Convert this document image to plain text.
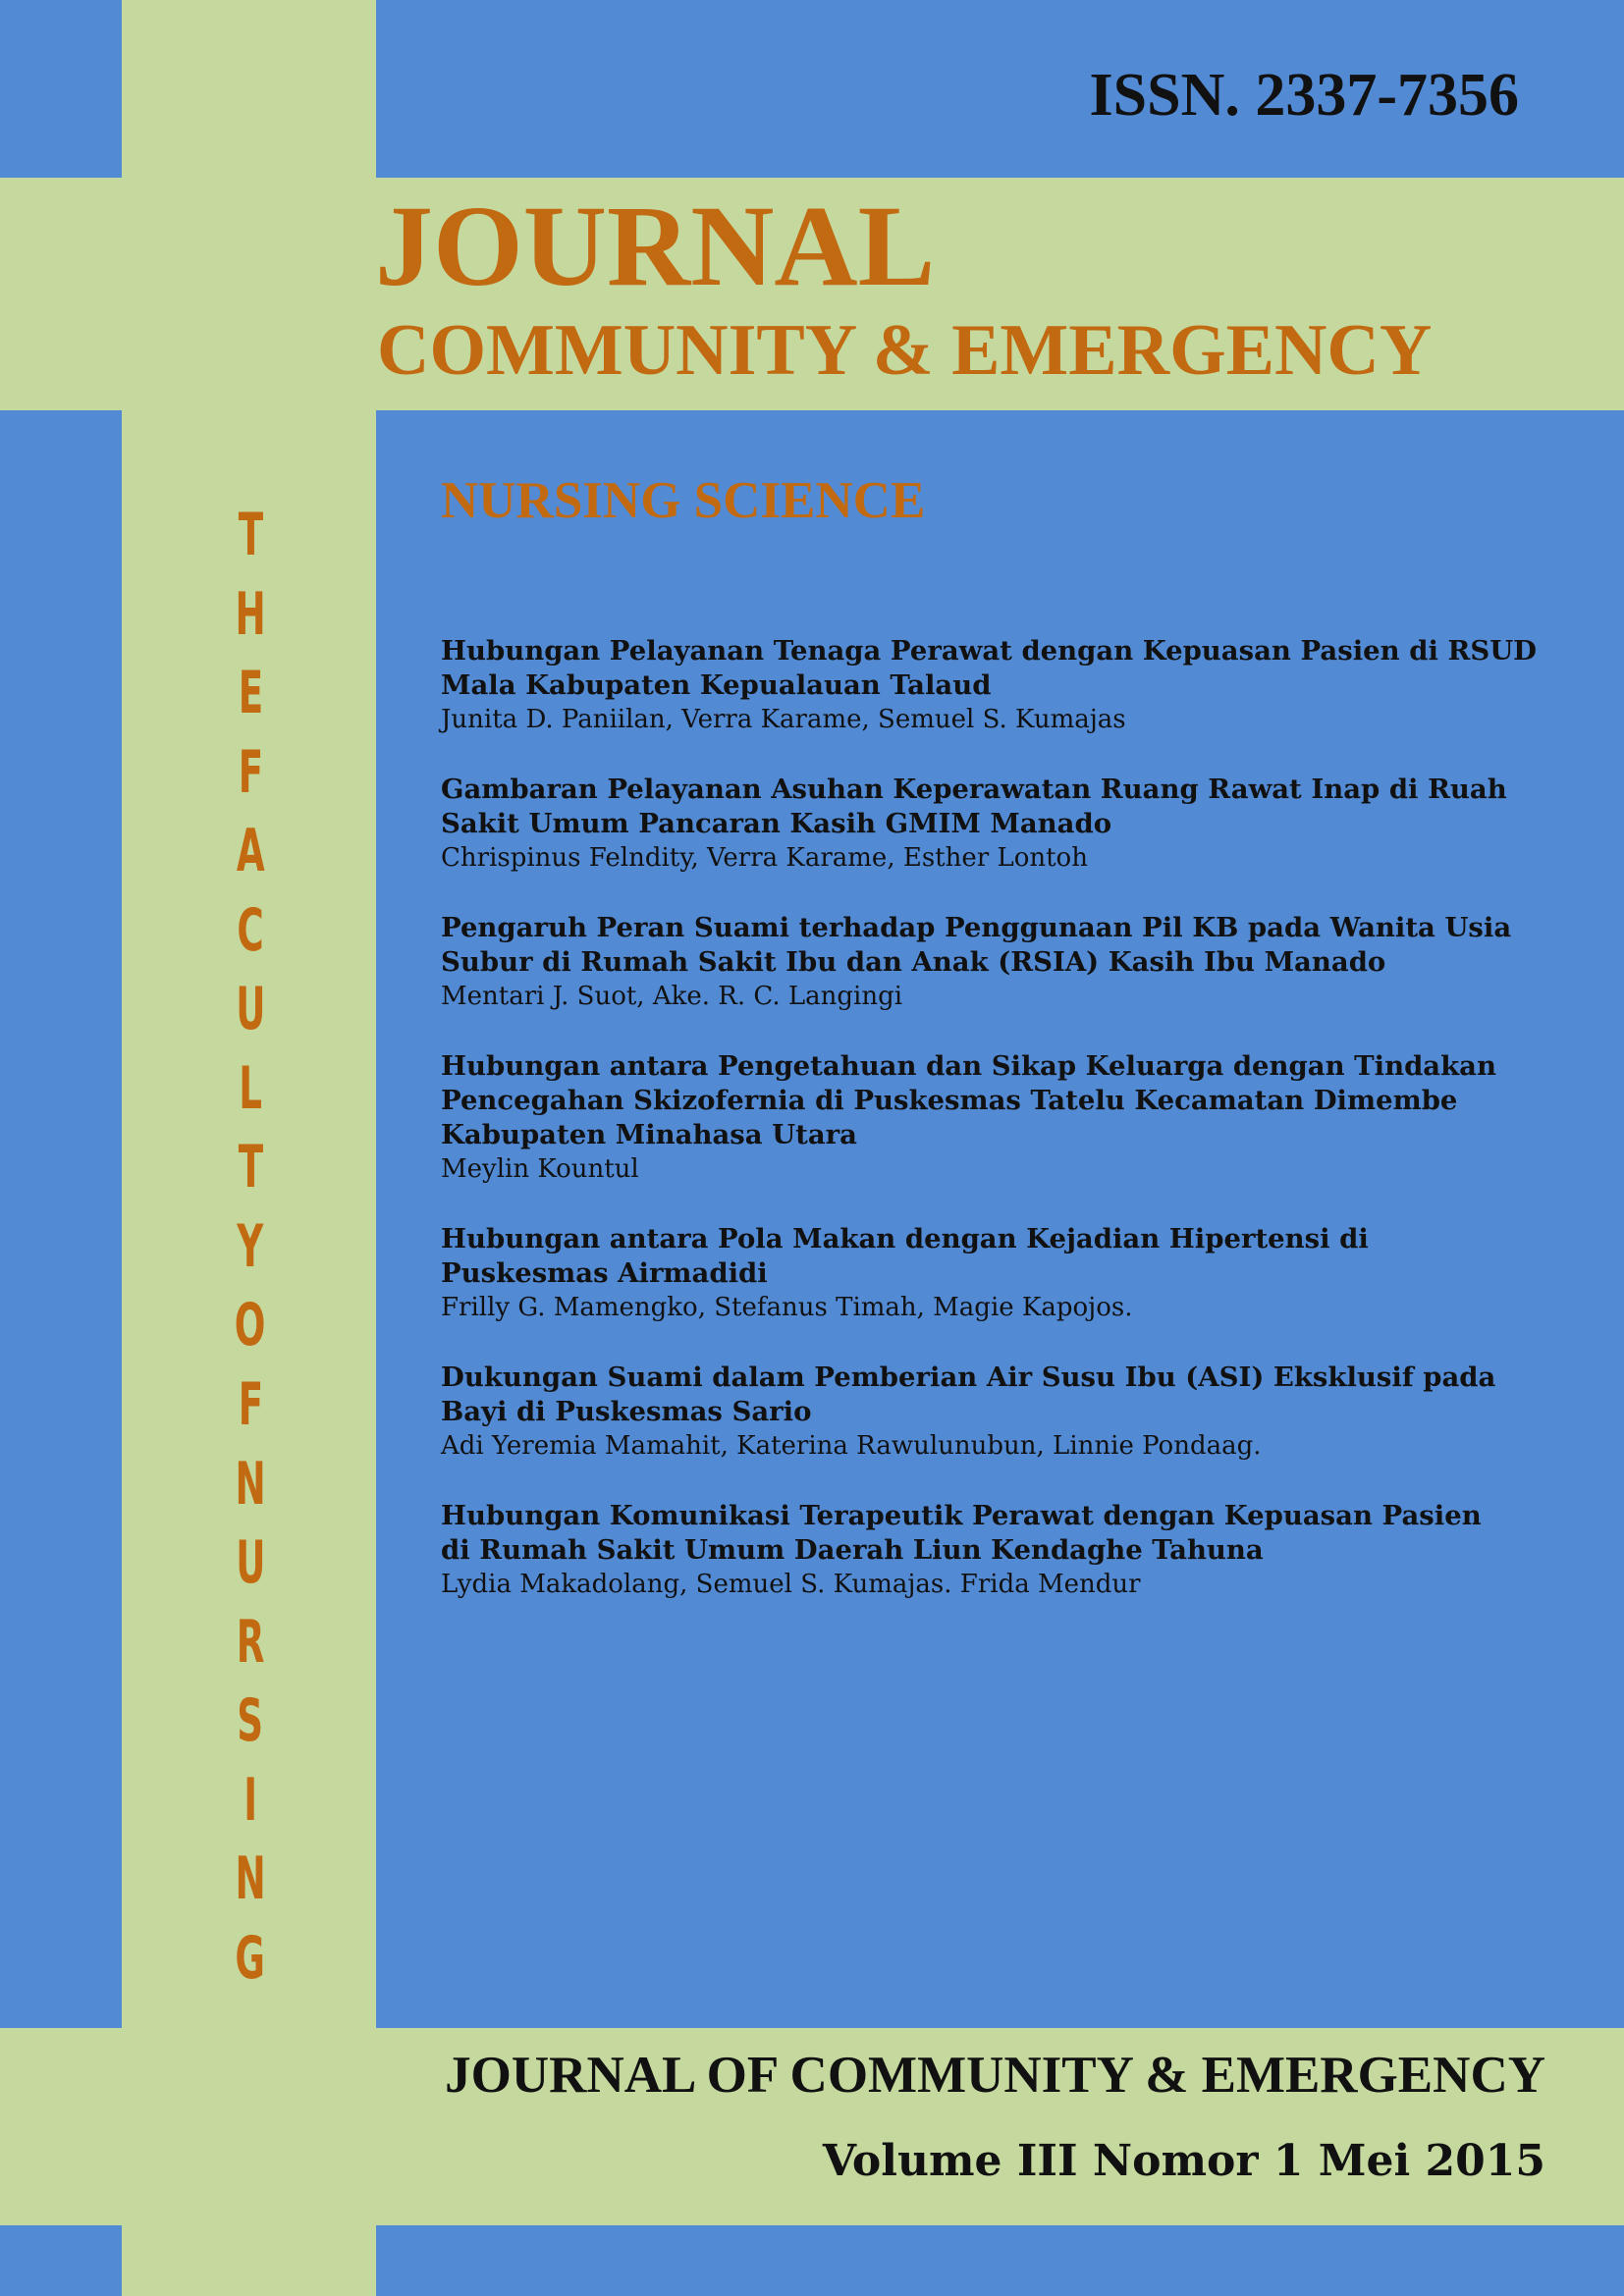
ISSN. 2337-7356
JOURNAL
COMMUNITY & EMERGENCY
NURSING SCIENCE
T
H
E
F
A
C
U
L
T
Y
O
F
N
U
R
S
I
N
G
Hubungan Pelayanan Tenaga Perawat dengan Kepuasan Pasien di RSUD
Mala Kabupaten Kepualauan Talaud
Junita D. Paniilan, Verra Karame, Semuel S. Kumajas
Gambaran Pelayanan Asuhan Keperawatan Ruang Rawat Inap di Ruah
Sakit Umum Pancaran Kasih GMIM Manado
Chrispinus Felndity, Verra Karame, Esther Lontoh
Pengaruh Peran Suami terhadap Penggunaan Pil KB pada Wanita Usia
Subur di Rumah Sakit Ibu dan Anak (RSIA) Kasih Ibu Manado
Mentari J. Suot, Ake. R. C. Langingi
Hubungan antara Pengetahuan dan Sikap Keluarga dengan Tindakan
Pencegahan Skizofernia di Puskesmas Tatelu Kecamatan Dimembe
Kabupaten Minahasa Utara
Meylin Kountul
Hubungan antara Pola Makan dengan Kejadian Hipertensi di
Puskesmas Airmadidi
Frilly G. Mamengko, Stefanus Timah, Magie Kapojos.
Dukungan Suami dalam Pemberian Air Susu Ibu (ASI) Eksklusif pada
Bayi di Puskesmas Sario
Adi Yeremia Mamahit, Katerina Rawulunubun, Linnie Pondaag.
Hubungan Komunikasi Terapeutik Perawat dengan Kepuasan Pasien
di Rumah Sakit Umum Daerah Liun Kendaghe Tahuna
Lydia Makadolang, Semuel S. Kumajas. Frida Mendur
JOURNAL OF COMMUNITY & EMERGENCY
Volume III Nomor 1 Mei 2015
